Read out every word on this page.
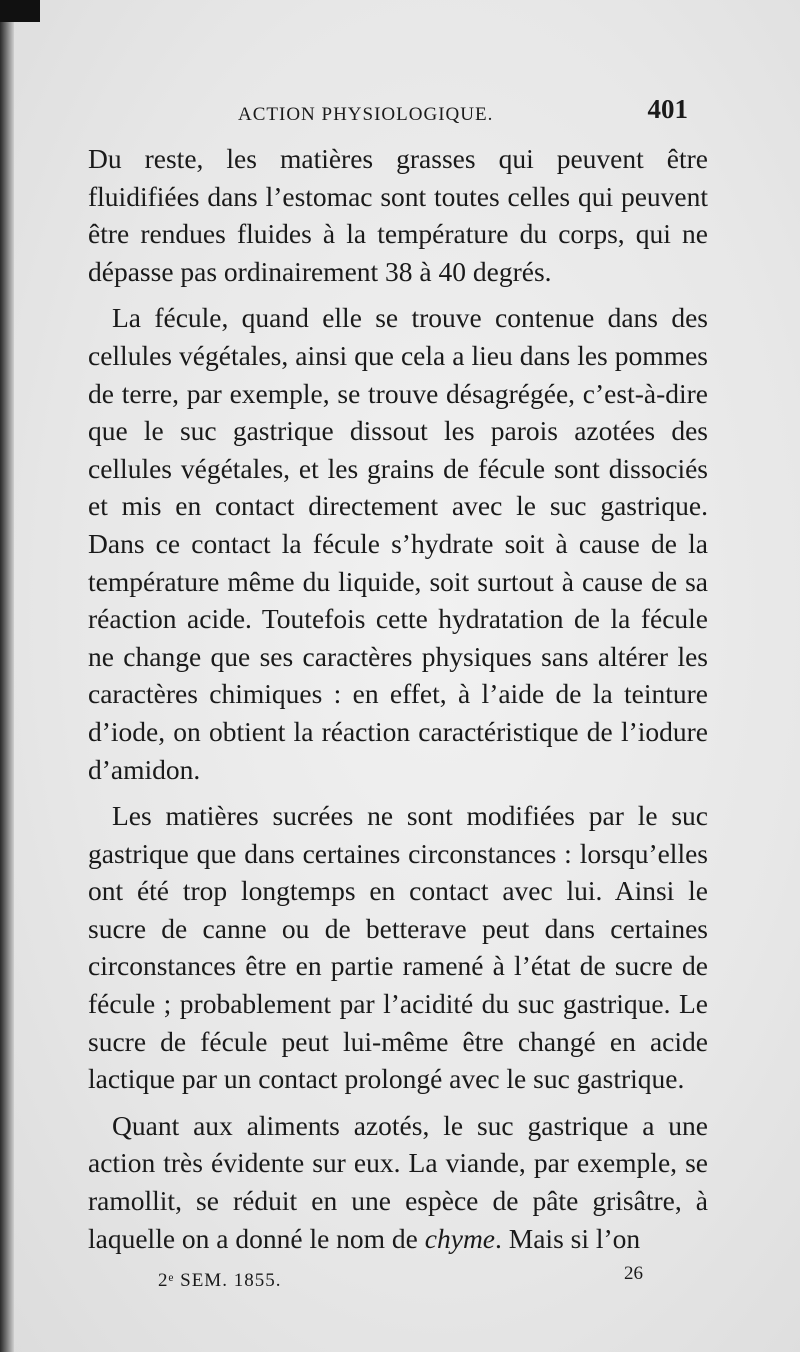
ACTION PHYSIOLOGIQUE.	401

Du reste, les matières grasses qui peuvent être fluidifiées dans l’estomac sont toutes celles qui peuvent être rendues fluides à la température du corps, qui ne dépasse pas ordinairement 38 à 40 degrés.

La fécule, quand elle se trouve contenue dans des cellules végétales, ainsi que cela a lieu dans les pommes de terre, par exemple, se trouve désagrégée, c’est-à-dire que le suc gastrique dissout les parois azotées des cellules végétales, et les grains de fécule sont dissociés et mis en contact directement avec le suc gastrique. Dans ce contact la fécule s’hydrate soit à cause de la température même du liquide, soit surtout à cause de sa réaction acide. Toutefois cette hydratation de la fécule ne change que ses caractères physiques sans altérer les caractères chimiques : en effet, à l’aide de la teinture d’iode, on obtient la réaction caractéristique de l’iodure d’amidon.

Les matières sucrées ne sont modifiées par le suc gastrique que dans certaines circonstances : lorsqu’elles ont été trop longtemps en contact avec lui. Ainsi le sucre de canne ou de betterave peut dans certaines circonstances être en partie ramené à l’état de sucre de fécule ; probablement par l’acidité du suc gastrique. Le sucre de fécule peut lui-même être changé en acide lactique par un contact prolongé avec le suc gastrique.

Quant aux aliments azotés, le suc gastrique a une action très évidente sur eux. La viande, par exemple, se ramollit, se réduit en une espèce de pâte grisâtre, à laquelle on a donné le nom de chyme. Mais si l’on

2ᵉ SEM. 1855.	26
